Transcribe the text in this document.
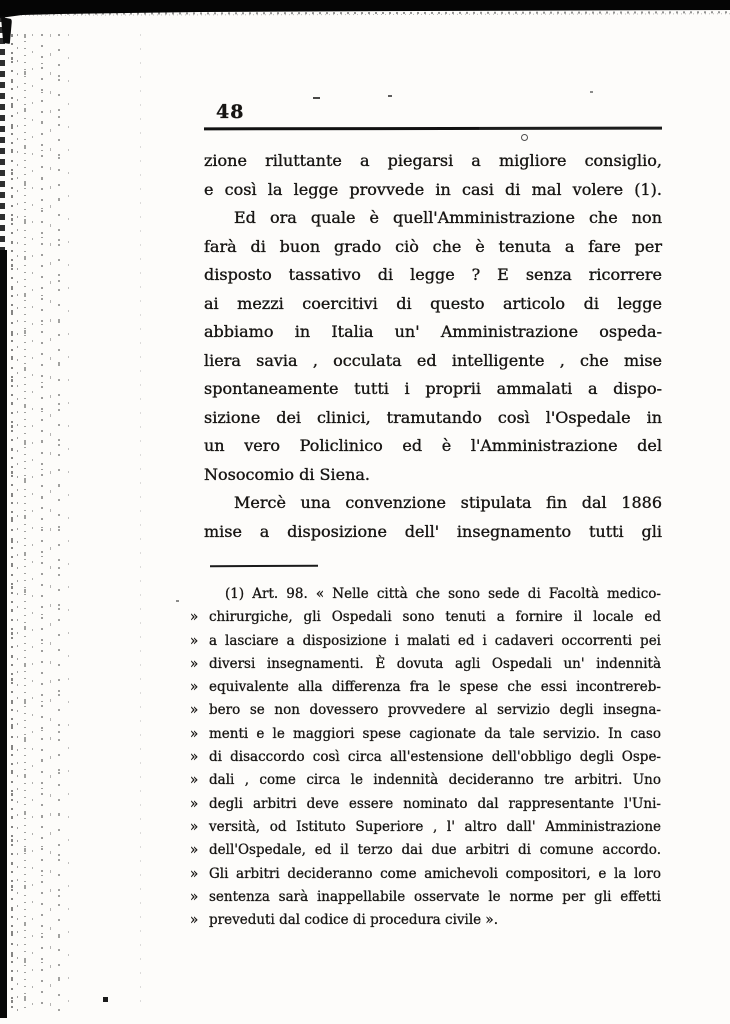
48
zione riluttante a piegarsi a migliore consiglio,
e così la legge provvede in casi di mal volere (1).
Ed ora quale è quell'Amministrazione che non
farà di buon grado ciò che è tenuta a fare per
disposto tassativo di legge ? E senza ricorrere
ai mezzi coercitivi di questo articolo di legge
abbiamo in Italia un' Amministrazione ospeda-
liera savia , occulata ed intelligente , che mise
spontaneamente tutti i proprii ammalati a dispo-
sizione dei clinici, tramutando così l'Ospedale in
un vero Policlinico ed è l'Amministrazione del
Nosocomio di Siena.
Mercè una convenzione stipulata fin dal 1886
mise a disposizione dell' insegnamento tutti gli
(1) Art. 98. « Nelle città che sono sede di Facoltà medico-
» chirurgiche, gli Ospedali sono tenuti a fornire il locale ed
» a lasciare a disposizione i malati ed i cadaveri occorrenti pei
» diversi insegnamenti. È dovuta agli Ospedali un' indennità
» equivalente alla differenza fra le spese che essi incontrereb-
» bero se non dovessero provvedere al servizio degli insegna-
» menti e le maggiori spese cagionate da tale servizio. In caso
» di disaccordo così circa all'estensione dell'obbligo degli Ospe-
» dali , come circa le indennità decideranno tre arbitri. Uno
» degli arbitri deve essere nominato dal rappresentante l'Uni-
» versità, od Istituto Superiore , l' altro dall' Amministrazione
» dell'Ospedale, ed il terzo dai due arbitri di comune accordo.
» Gli arbitri decideranno come amichevoli compositori, e la loro
» sentenza sarà inappellabile osservate le norme per gli effetti
» preveduti dal codice di procedura civile ».
